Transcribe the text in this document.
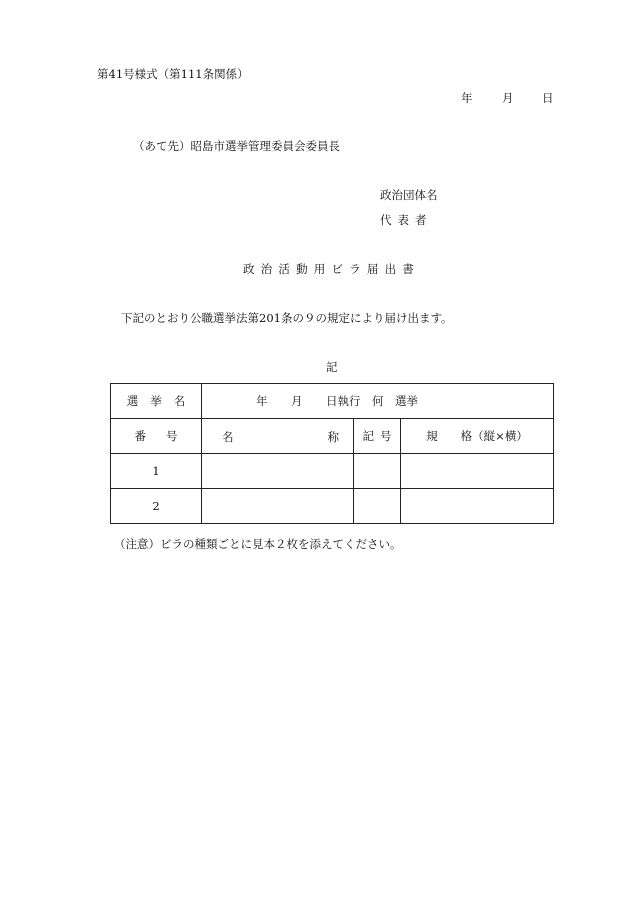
第41号様式（第111条関係）
年	月 日
（あて先）昭島市選挙管理委員会委員長
政治団体名
代表者
政治活動用ビラ届出書
下記のとおり公職選挙法第201条の９の規定により届け出ます。
記
選挙名	年 月 日執行　何　選挙		
番号	名 称	記号	規　　格（縦×横）
1			
2			
（注意）ビラの種類ごとに見本２枚を添えてください。
